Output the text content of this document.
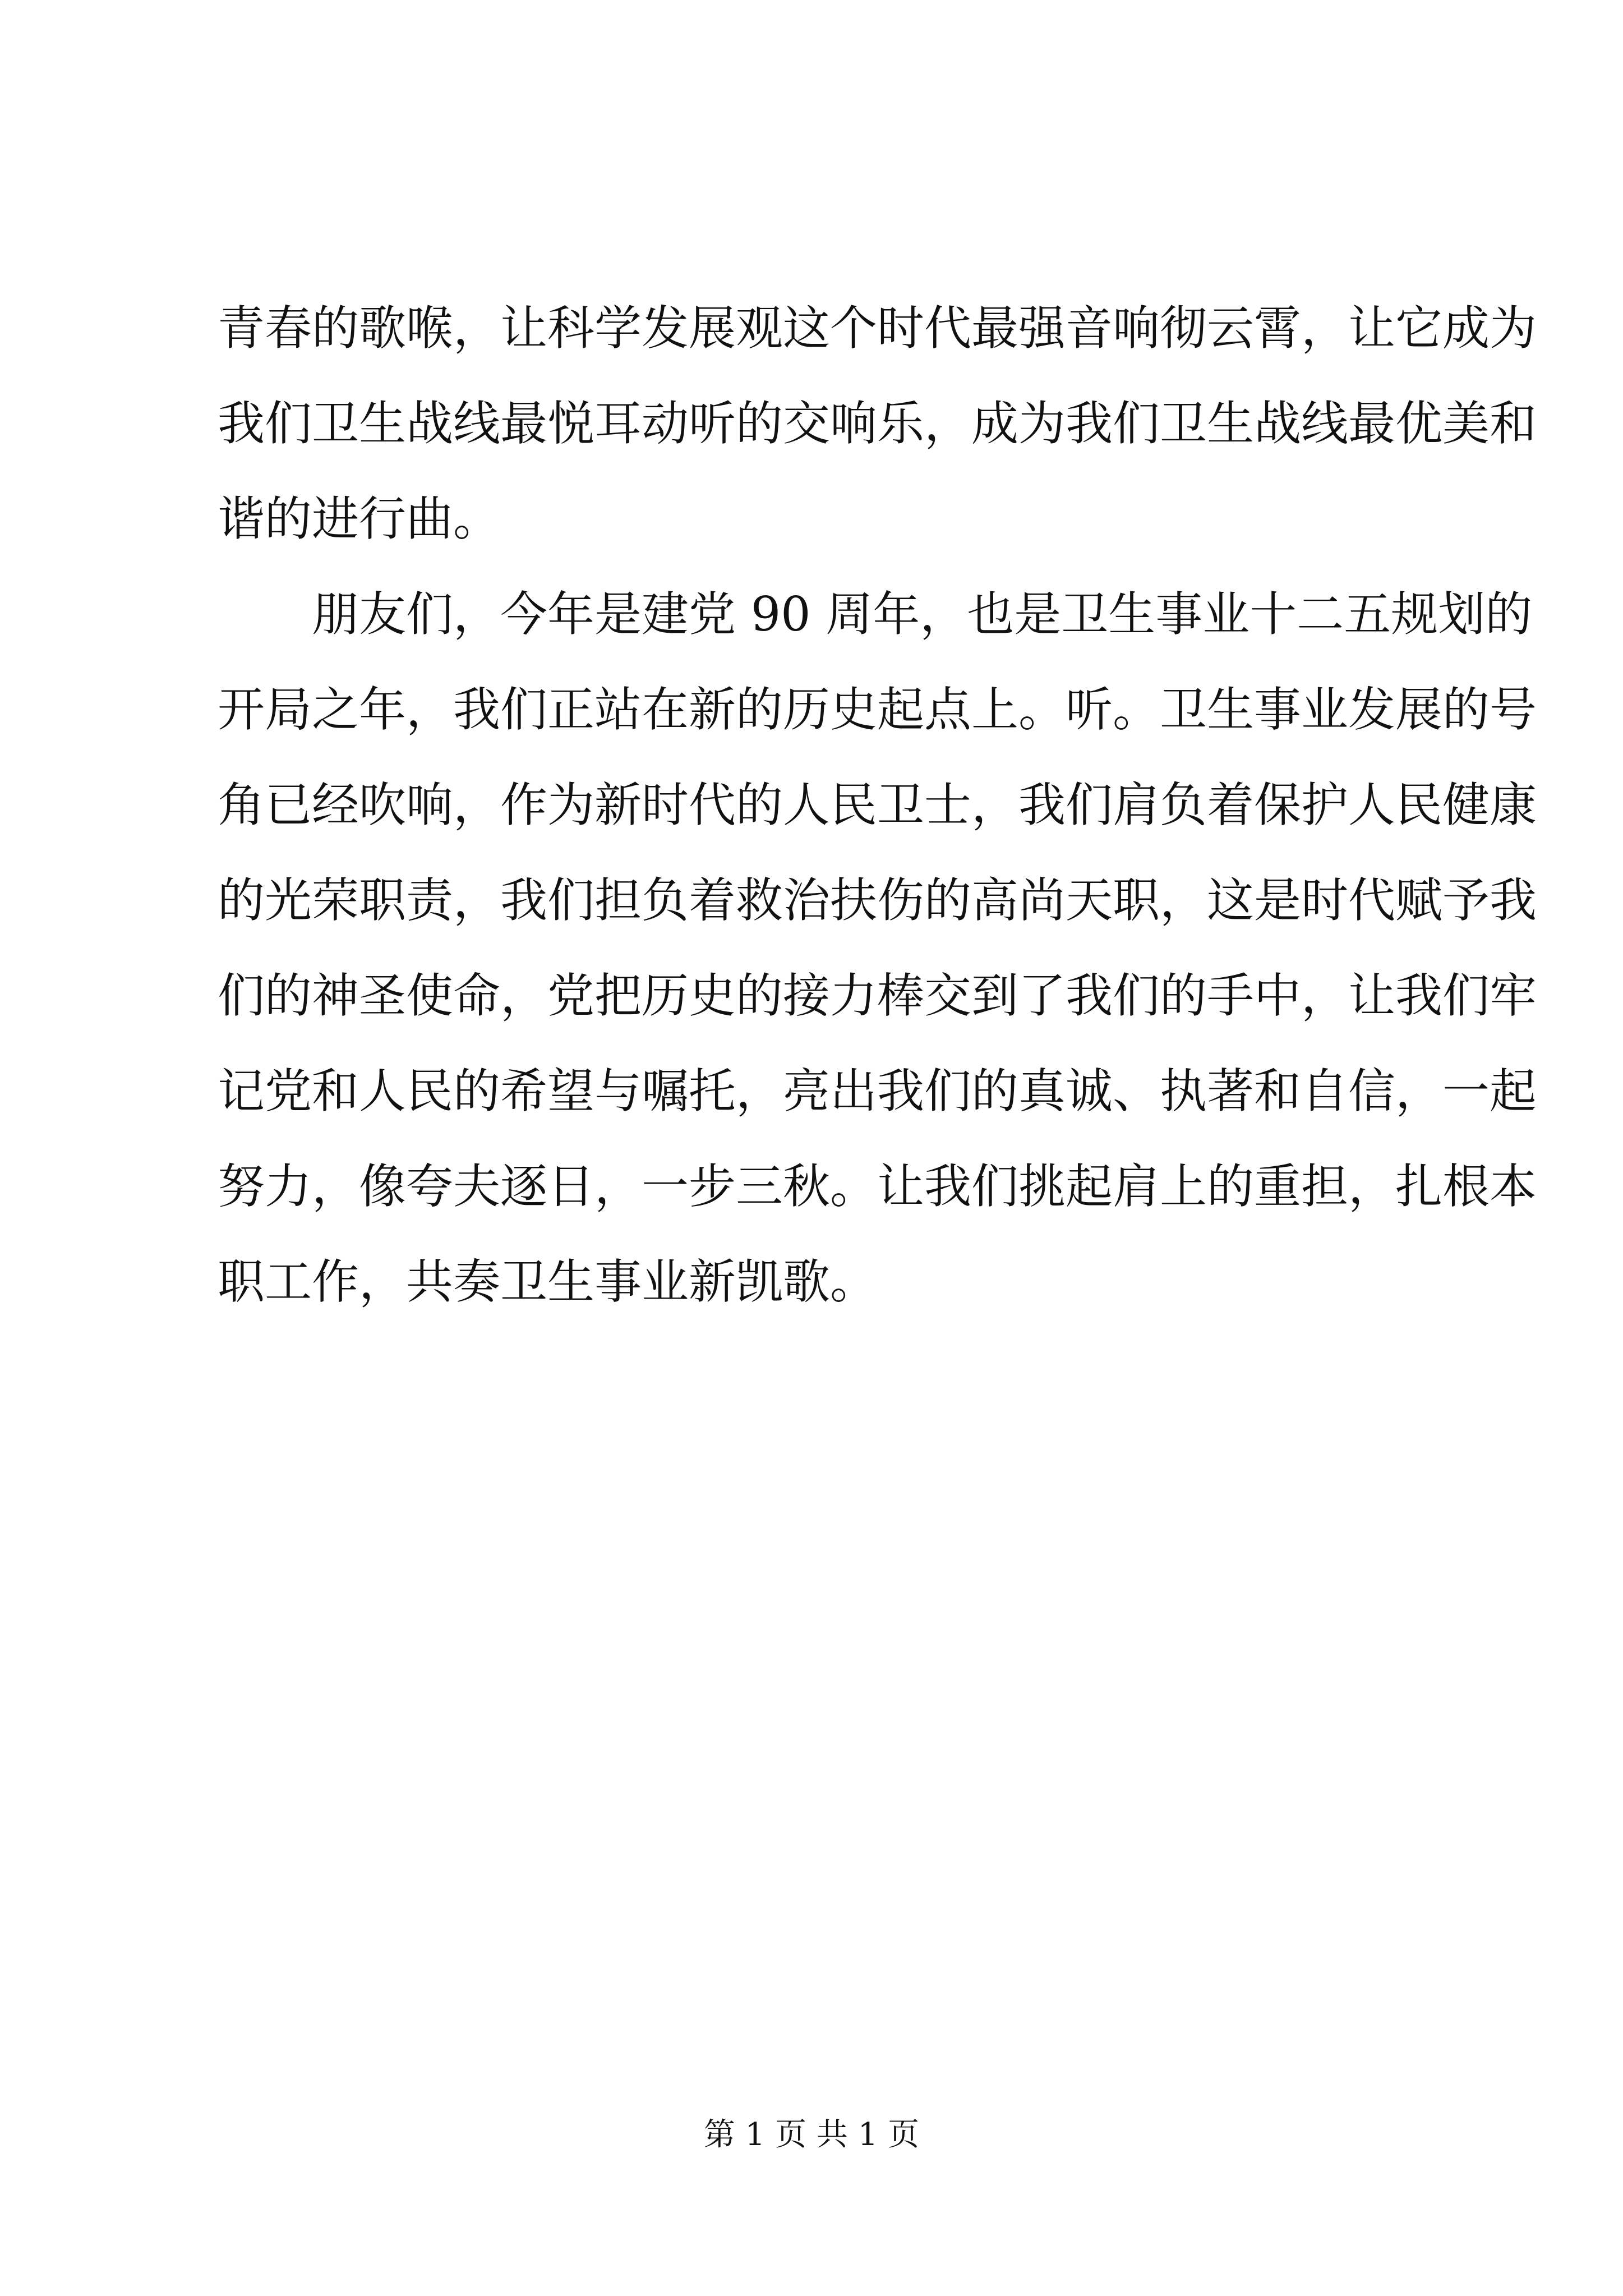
青春的歌喉，让科学发展观这个时代最强音响彻云霄，让它成为
我们卫生战线最悦耳动听的交响乐，成为我们卫生战线最优美和
谐的进行曲。
　　朋友们，今年是建党 90 周年，也是卫生事业十二五规划的
开局之年，我们正站在新的历史起点上。听。卫生事业发展的号
角已经吹响，作为新时代的人民卫士，我们肩负着保护人民健康
的光荣职责，我们担负着救治扶伤的高尚天职，这是时代赋予我
们的神圣使命，党把历史的接力棒交到了我们的手中，让我们牢
记党和人民的希望与嘱托，亮出我们的真诚、执著和自信，一起
努力，像夸夫逐日，一步三秋。让我们挑起肩上的重担，扎根本
职工作，共奏卫生事业新凯歌。
第 1 页 共 1 页
